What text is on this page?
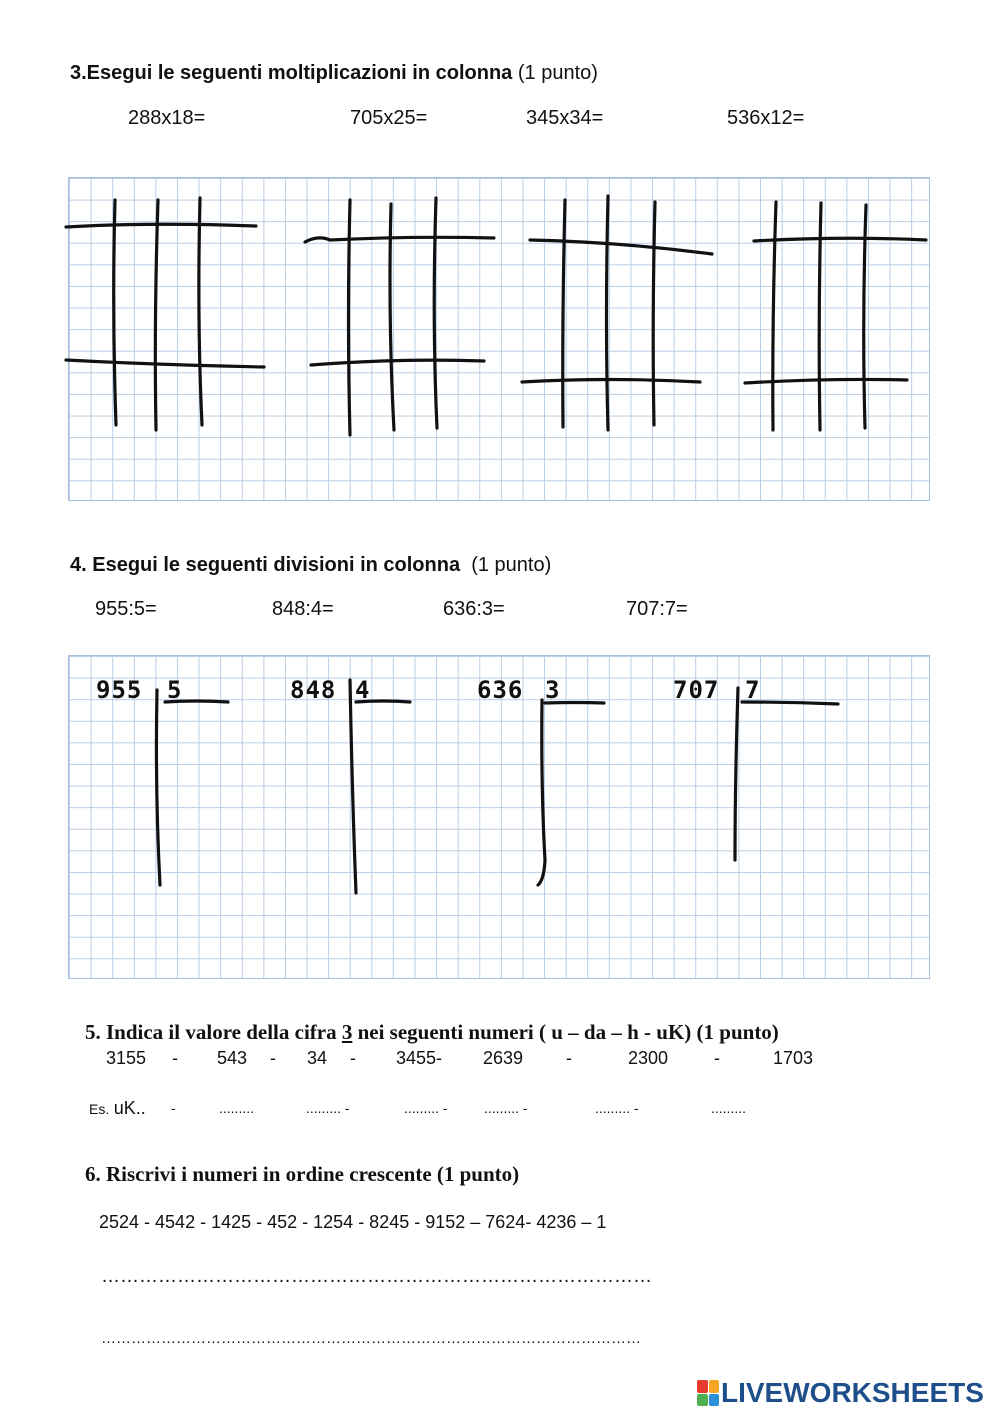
3.Esegui le seguenti moltiplicazioni in colonna (1 punto)
288x18=	705x25=	345x34=	536x12=
4. Esegui le seguenti divisioni in colonna (1 punto)
955:5=	848:4=	636:3=	707:7=
955 5	848 4	636 3	707 7
5. Indica il valore della cifra 3 nei seguenti numeri ( u – da – h - uK) (1 punto)
3155 - 543 - 34 - 3455- 2639 -	2300	-	1703
Es. uK.. -	.........	......... -	......... -	......... -	......... -	.........
6. Riscrivi i numeri in ordine crescente (1 punto)
2524 - 4542 - 1425 - 452 - 1254 - 8245 - 9152 – 7624- 4236 – 1
……………………………………………………………………………
………………………………………………………………………………………………
LIVEWORKSHEETS
